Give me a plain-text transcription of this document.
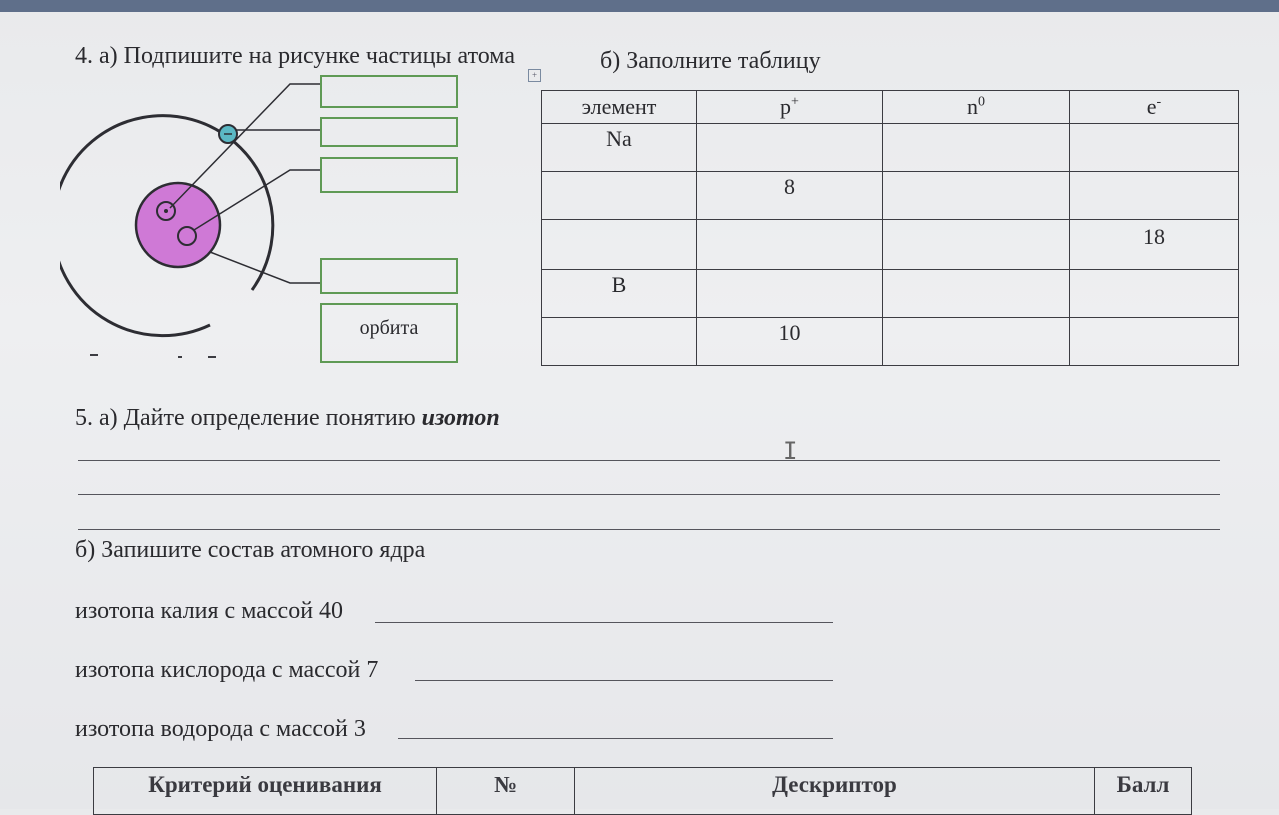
4. а) Подпишите на рисунке частицы атома	б) Заполните таблицу
+
орбита
элемент	p+	$n^0$	e-
Na			
	8		
			18
B			
	10		
5. а) Дайте определение понятию изотоп
I
б) Запишите состав атомного ядра
изотопа калия с массой 40
изотопа кислорода с массой 7
изотопа водорода с массой 3
Критерий оценивания	№	Дескриптор	Балл
